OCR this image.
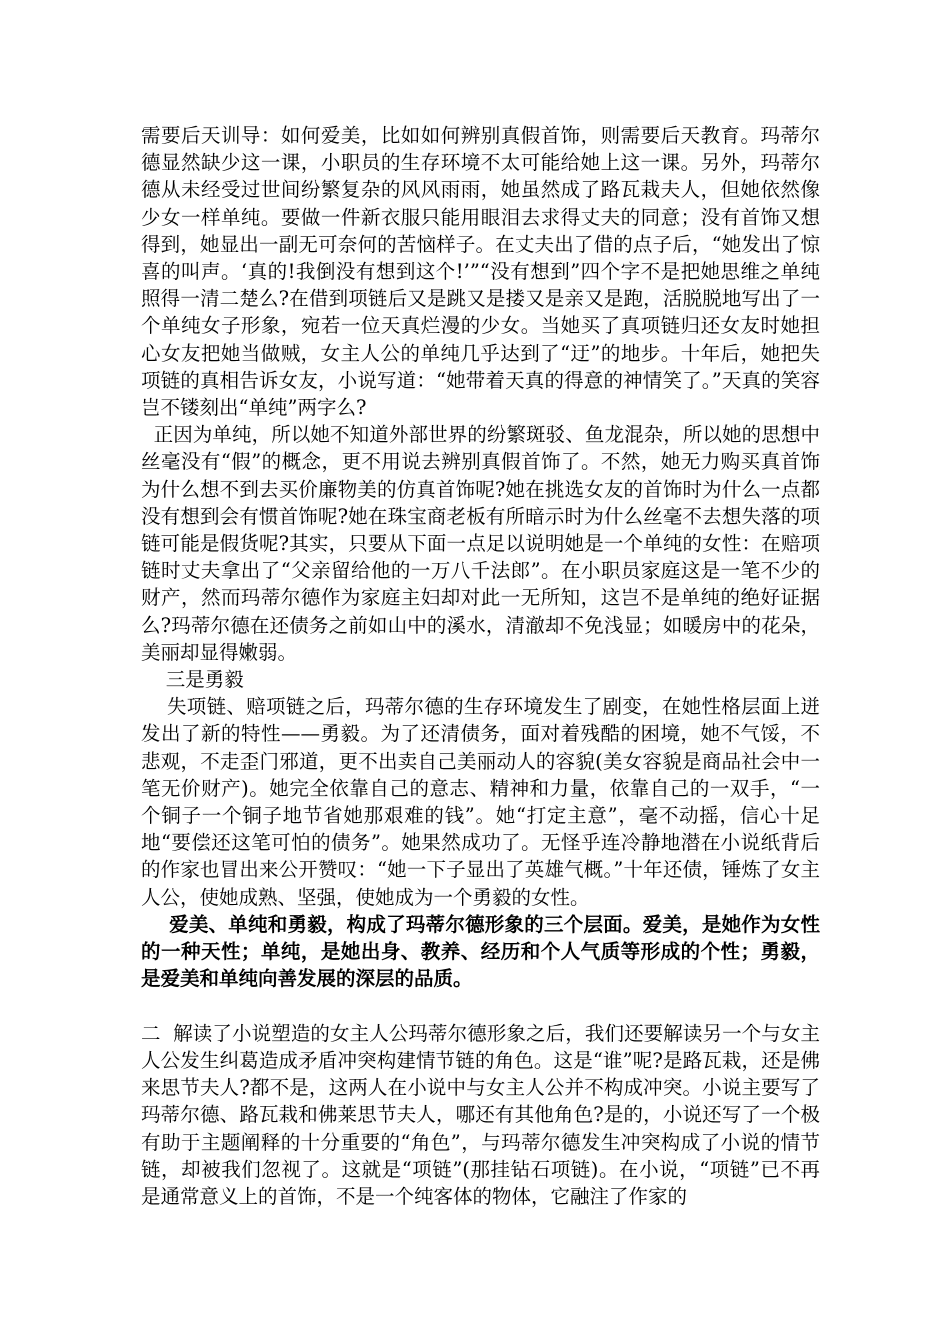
需要后天训导：如何爱美，比如如何辨别真假首饰，则需要后天教育。玛蒂尔德显然缺少这一课，小职员的生存环境不太可能给她上这一课。另外，玛蒂尔德从未经受过世间纷繁复杂的风风雨雨，她虽然成了路瓦栽夫人，但她依然像少女一样单纯。要做一件新衣服只能用眼泪去求得丈夫的同意；没有首饰又想得到，她显出一副无可奈何的苦恼样子。在丈夫出了借的点子后，“她发出了惊喜的叫声。‘真的!我倒没有想到这个!’”“没有想到”四个字不是把她思维之单纯照得一清二楚么?在借到项链后又是跳又是搂又是亲又是跑，活脱脱地写出了一个单纯女子形象，宛若一位天真烂漫的少女。当她买了真项链归还女友时她担心女友把她当做贼，女主人公的单纯几乎达到了“迂”的地步。十年后，她把失项链的真相告诉女友，小说写道：“她带着天真的得意的神情笑了。”天真的笑容岂不镂刻出“单纯”两字么?

正因为单纯，所以她不知道外部世界的纷繁斑驳、鱼龙混杂，所以她的思想中丝毫没有“假”的概念，更不用说去辨别真假首饰了。不然，她无力购买真首饰为什么想不到去买价廉物美的仿真首饰呢?她在挑选女友的首饰时为什么一点都没有想到会有惯首饰呢?她在珠宝商老板有所暗示时为什么丝毫不去想失落的项链可能是假货呢?其实，只要从下面一点足以说明她是一个单纯的女性：在赔项链时丈夫拿出了“父亲留给他的一万八千法郎”。在小职员家庭这是一笔不少的财产，然而玛蒂尔德作为家庭主妇却对此一无所知，这岂不是单纯的绝好证据么?玛蒂尔德在还债务之前如山中的溪水，清澈却不免浅显；如暖房中的花朵，美丽却显得嫩弱。

三是勇毅

失项链、赔项链之后，玛蒂尔德的生存环境发生了剧变，在她性格层面上迸发出了新的特性——勇毅。为了还清债务，面对着残酷的困境，她不气馁，不悲观，不走歪门邪道，更不出卖自己美丽动人的容貌(美女容貌是商品社会中一笔无价财产)。她完全依靠自己的意志、精神和力量，依靠自己的一双手，“一个铜子一个铜子地节省她那艰难的钱”。她“打定主意”，毫不动摇，信心十足地“要偿还这笔可怕的债务”。她果然成功了。无怪乎连冷静地潜在小说纸背后的作家也冒出来公开赞叹：“她一下子显出了英雄气概。”十年还债，锤炼了女主人公，使她成熟、坚强，使她成为一个勇毅的女性。

爱美、单纯和勇毅，构成了玛蒂尔德形象的三个层面。爱美，是她作为女性的一种天性；单纯，是她出身、教养、经历和个人气质等形成的个性；勇毅，是爱美和单纯向善发展的深层的品质。

二  解读了小说塑造的女主人公玛蒂尔德形象之后，我们还要解读另一个与女主人公发生纠葛造成矛盾冲突构建情节链的角色。这是“谁”呢?是路瓦栽，还是佛来思节夫人?都不是，这两人在小说中与女主人公并不构成冲突。小说主要写了玛蒂尔德、路瓦栽和佛莱思节夫人，哪还有其他角色?是的，小说还写了一个极有助于主题阐释的十分重要的“角色”，与玛蒂尔德发生冲突构成了小说的情节链，却被我们忽视了。这就是“项链”(那挂钻石项链)。在小说，“项链”已不再是通常意义上的首饰，不是一个纯客体的物体，它融注了作家的
